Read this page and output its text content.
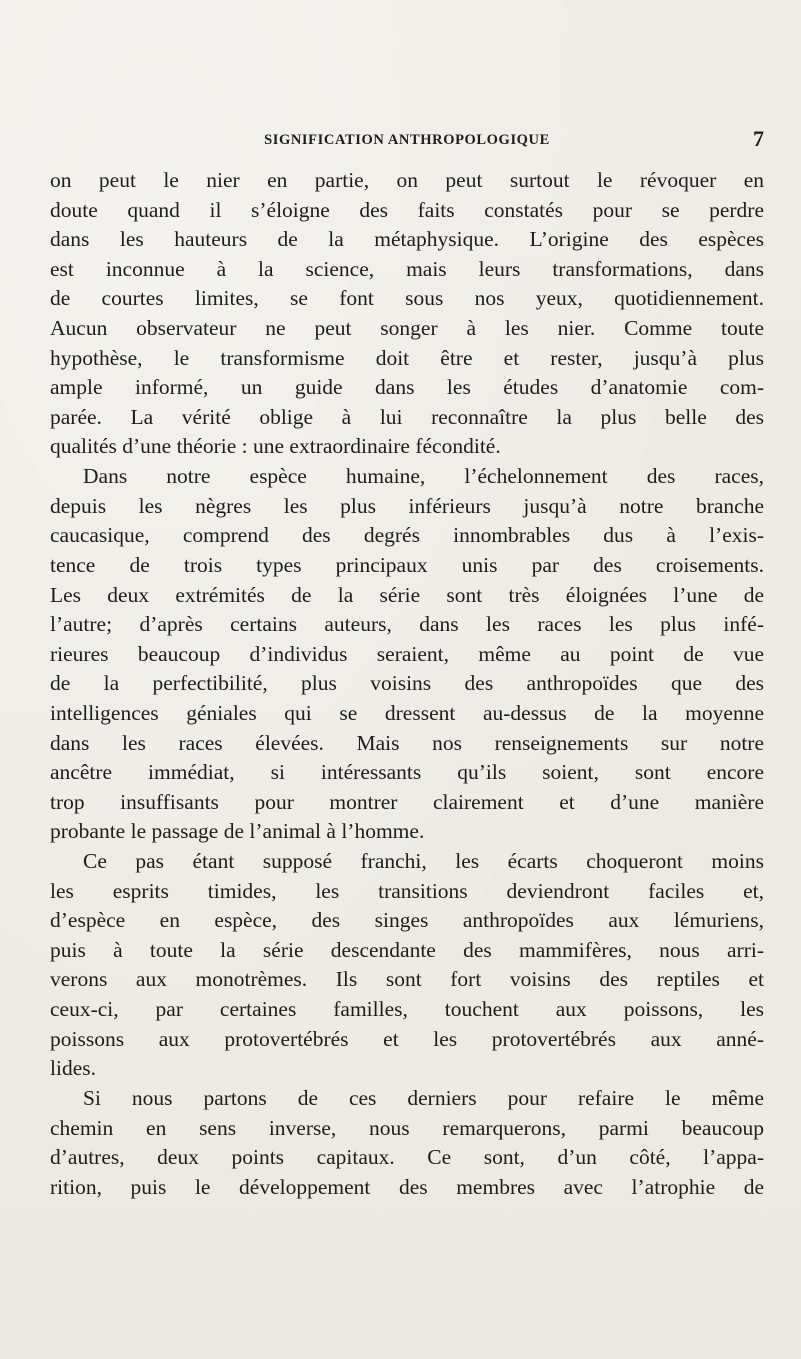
SIGNIFICATION ANTHROPOLOGIQUE	7
on peut le nier en partie, on peut surtout le révoquer en
doute quand il s’éloigne des faits constatés pour se perdre
dans les hauteurs de la métaphysique. L’origine des espèces
est inconnue à la science, mais leurs transformations, dans
de courtes limites, se font sous nos yeux, quotidiennement.
Aucun observateur ne peut songer à les nier. Comme toute
hypothèse, le transformisme doit être et rester, jusqu’à plus
ample informé, un guide dans les études d’anatomie com-
parée. La vérité oblige à lui reconnaître la plus belle des
qualités d’une théorie : une extraordinaire fécondité.
Dans notre espèce humaine, l’échelonnement des races,
depuis les nègres les plus inférieurs jusqu’à notre branche
caucasique, comprend des degrés innombrables dus à l’exis-
tence de trois types principaux unis par des croisements.
Les deux extrémités de la série sont très éloignées l’une de
l’autre; d’après certains auteurs, dans les races les plus infé-
rieures beaucoup d’individus seraient, même au point de vue
de la perfectibilité, plus voisins des anthropoïdes que des
intelligences géniales qui se dressent au-dessus de la moyenne
dans les races élevées. Mais nos renseignements sur notre
ancêtre immédiat, si intéressants qu’ils soient, sont encore
trop insuffisants pour montrer clairement et d’une manière
probante le passage de l’animal à l’homme.
Ce pas étant supposé franchi, les écarts choqueront moins
les esprits timides, les transitions deviendront faciles et,
d’espèce en espèce, des singes anthropoïdes aux lémuriens,
puis à toute la série descendante des mammifères, nous arri-
verons aux monotrèmes. Ils sont fort voisins des reptiles et
ceux-ci, par certaines familles, touchent aux poissons, les
poissons aux protovertébrés et les protovertébrés aux anné-
lides.
Si nous partons de ces derniers pour refaire le même
chemin en sens inverse, nous remarquerons, parmi beaucoup
d’autres, deux points capitaux. Ce sont, d’un côté, l’appa-
rition, puis le développement des membres avec l’atrophie de
